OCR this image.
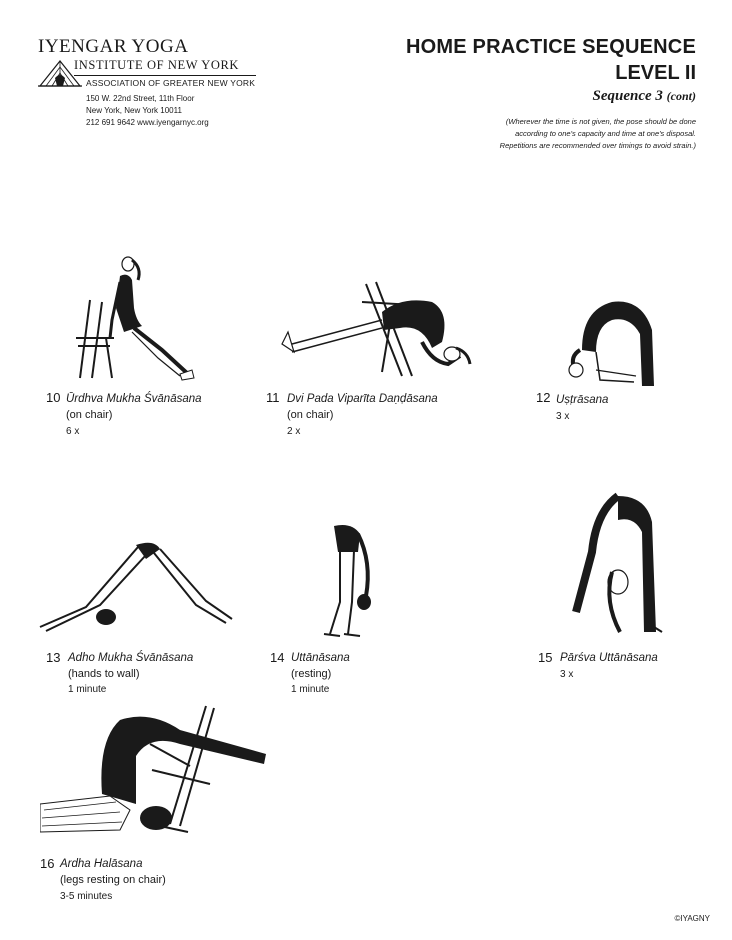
IYENGAR YOGA
INSTITUTE OF NEW YORK
ASSOCIATION OF GREATER NEW YORK
150 W. 22nd Street, 11th Floor
New York, New York 10011
212 691 9642 www.iyengarnyc.org
HOME PRACTICE SEQUENCE
LEVEL II
Sequence 3 (cont)
(Wherever the time is not given, the pose should be done
according to one's capacity and time at one's disposal.
Repetitions are recommended over timings to avoid strain.)
10 Ūrdhva Mukha Śvānāsana
(on chair)
6 x
11 Dvi Pada Viparīta Daṇḍāsana
(on chair)
2 x
12 Uṣṭrāsana
3 x
13 Adho Mukha Śvānāsana
(hands to wall)
1 minute
14 Uttānāsana
(resting)
1 minute
15 Pārśva Uttānāsana
3 x
16 Ardha Halāsana
(legs resting on chair)
3-5 minutes
©IYAGNY
